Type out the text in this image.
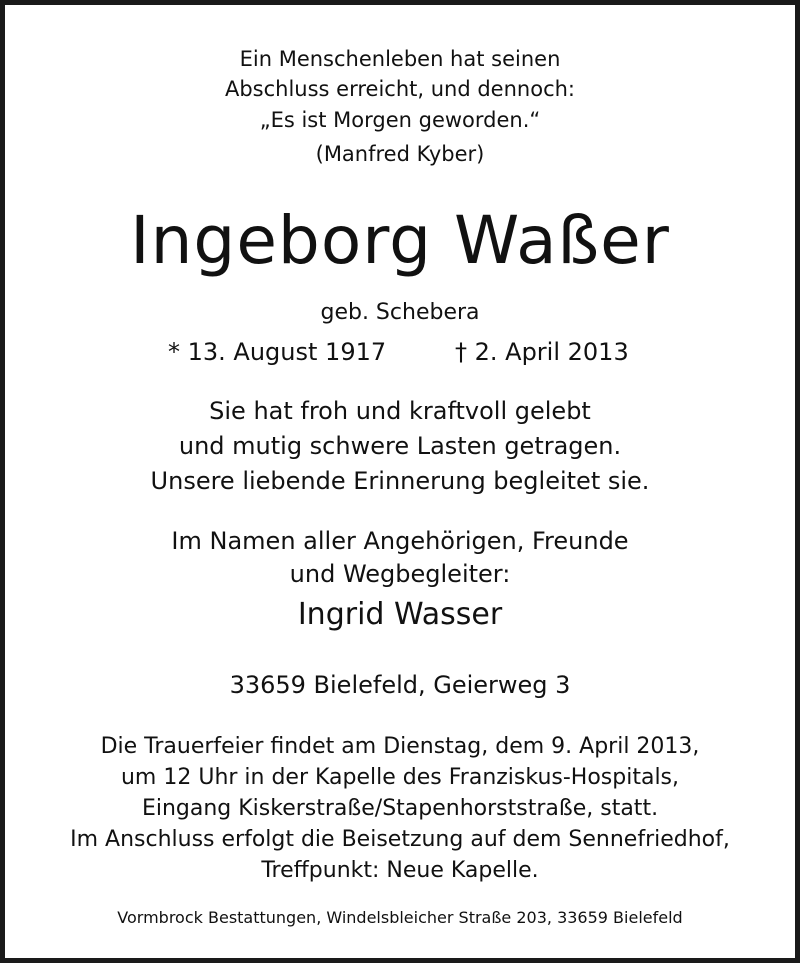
Ein Menschenleben hat seinen
Abschluss erreicht, und dennoch:
„Es ist Morgen geworden.“
(Manfred Kyber)
Ingeborg Waßer
geb. Schebera
* 13. August 1917	† 2. April 2013
Sie hat froh und kraftvoll gelebt
und mutig schwere Lasten getragen.
Unsere liebende Erinnerung begleitet sie.
Im Namen aller Angehörigen, Freunde
und Wegbegleiter:
Ingrid Wasser
33659 Bielefeld, Geierweg 3
Die Trauerfeier findet am Dienstag, dem 9. April 2013,
um 12 Uhr in der Kapelle des Franziskus-Hospitals,
Eingang Kiskerstraße/Stapenhorststraße, statt.
Im Anschluss erfolgt die Beisetzung auf dem Sennefriedhof,
Treffpunkt: Neue Kapelle.
Vormbrock Bestattungen, Windelsbleicher Straße 203, 33659 Bielefeld
